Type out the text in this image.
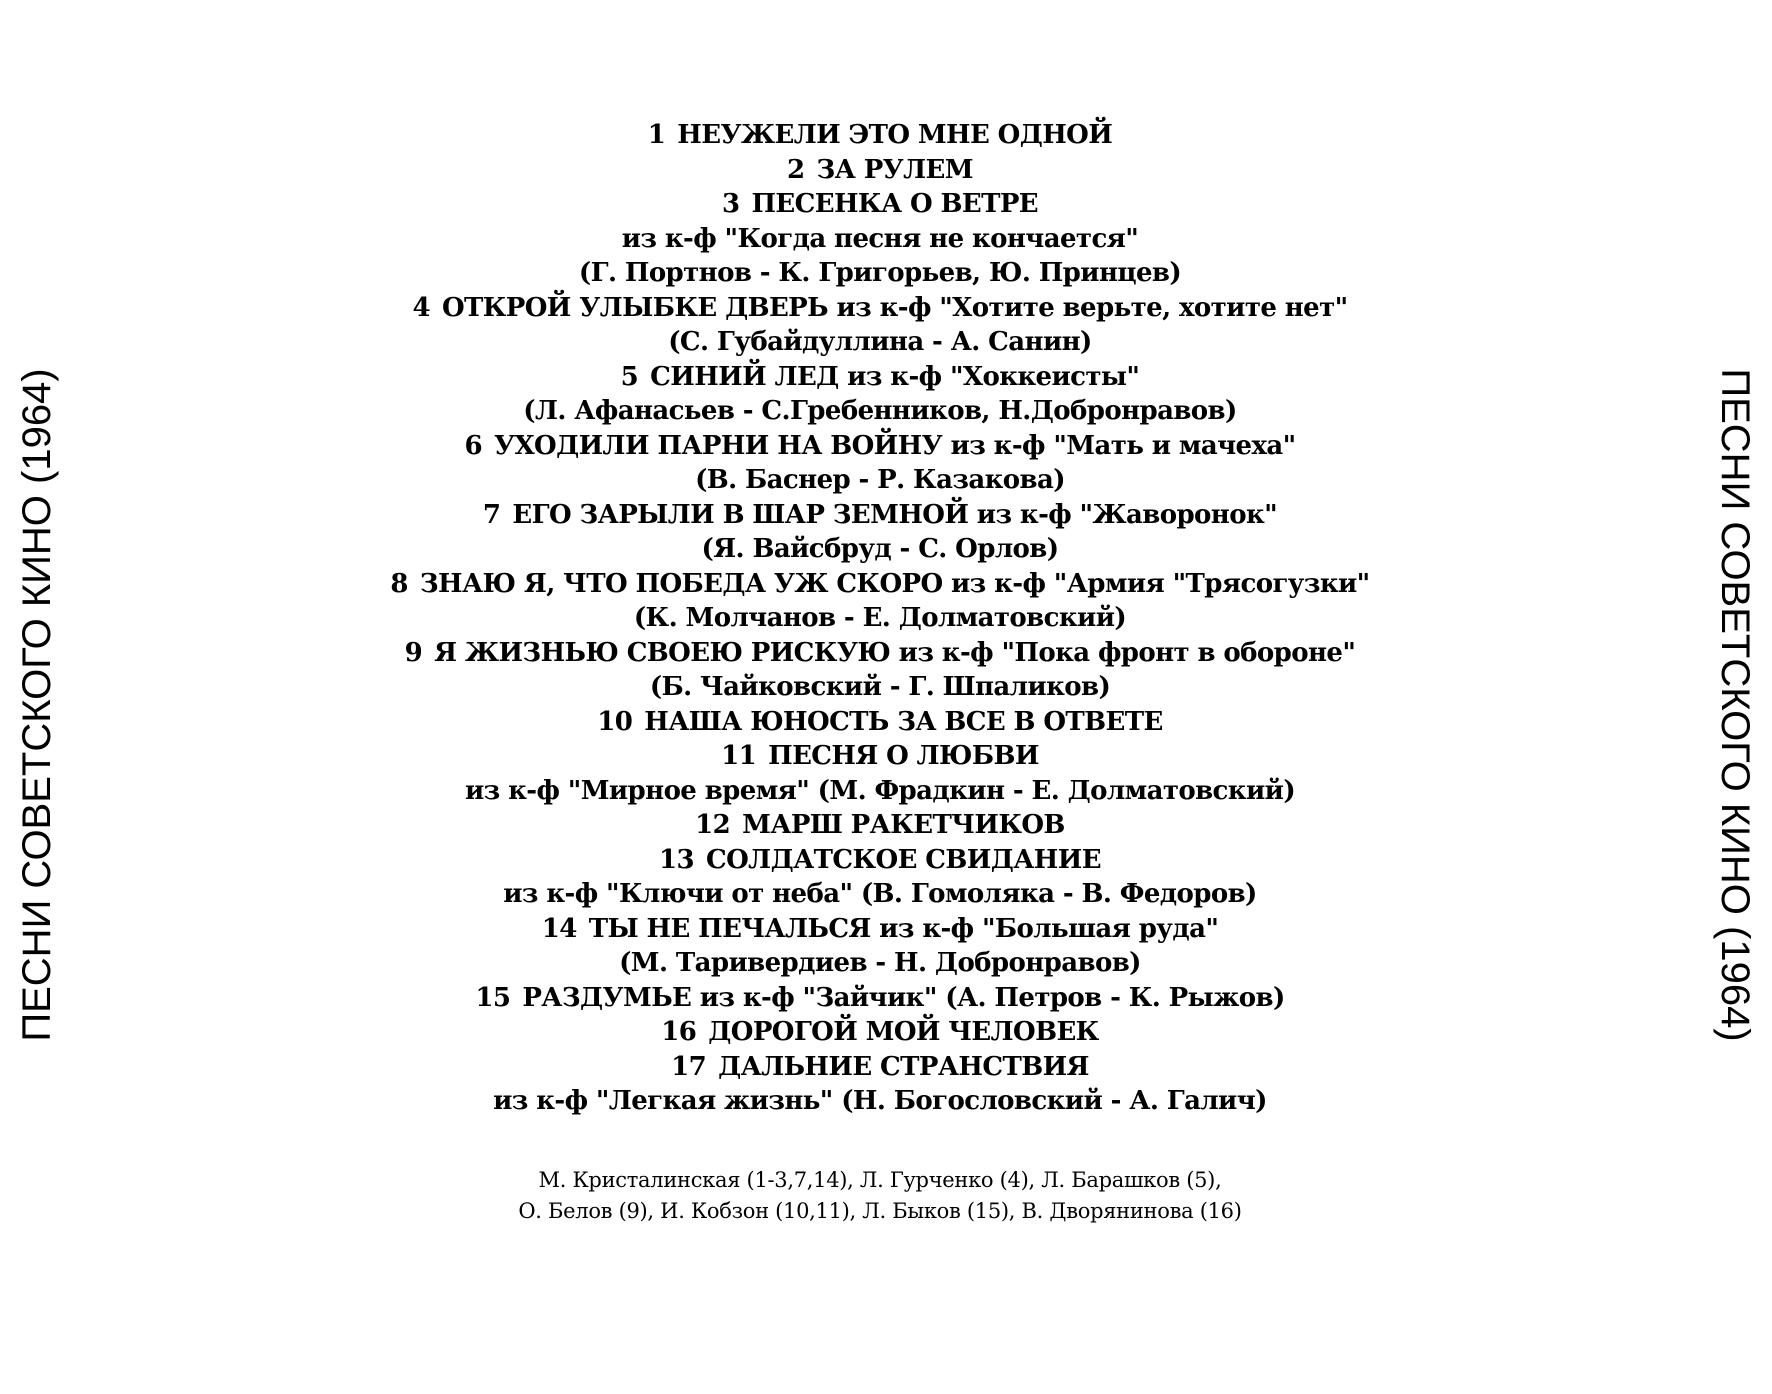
ПЕСНИ СОВЕТСКОГО КИНО (1964)	ПЕСНИ СОВЕТСКОГО КИНО (1964)
1 НЕУЖЕЛИ ЭТО МНЕ ОДНОЙ
2 ЗА РУЛЕМ
3 ПЕСЕНКА О ВЕТРЕ
из к-ф "Когда песня не кончается"
(Г. Портнов - К. Григорьев, Ю. Принцев)
4 ОТКРОЙ УЛЫБКЕ ДВЕРЬ из к-ф "Хотите верьте, хотите нет"
(С. Губайдуллина - А. Санин)
5 СИНИЙ ЛЕД из к-ф "Хоккеисты"
(Л. Афанасьев - С.Гребенников, Н.Добронравов)
6 УХОДИЛИ ПАРНИ НА ВОЙНУ из к-ф "Мать и мачеха"
(В. Баснер - Р. Казакова)
7 ЕГО ЗАРЫЛИ В ШАР ЗЕМНОЙ из к-ф "Жаворонок"
(Я. Вайсбруд - С. Орлов)
8 ЗНАЮ Я, ЧТО ПОБЕДА УЖ СКОРО из к-ф "Армия "Трясогузки"
(К. Молчанов - Е. Долматовский)
9 Я ЖИЗНЬЮ СВОЕЮ РИСКУЮ из к-ф "Пока фронт в обороне"
(Б. Чайковский - Г. Шпаликов)
10 НАША ЮНОСТЬ ЗА ВСЕ В ОТВЕТЕ
11 ПЕСНЯ О ЛЮБВИ
из к-ф "Мирное время" (М. Фрадкин - Е. Долматовский)
12 МАРШ РАКЕТЧИКОВ
13 СОЛДАТСКОЕ СВИДАНИЕ
из к-ф "Ключи от неба" (В. Гомоляка - В. Федоров)
14 ТЫ НЕ ПЕЧАЛЬСЯ из к-ф "Большая руда"
(М. Таривердиев - Н. Добронравов)
15 РАЗДУМЬЕ из к-ф "Зайчик" (А. Петров - К. Рыжов)
16 ДОРОГОЙ МОЙ ЧЕЛОВЕК
17 ДАЛЬНИЕ СТРАНСТВИЯ
из к-ф "Легкая жизнь" (Н. Богословский - А. Галич)
М. Кристалинская (1-3,7,14), Л. Гурченко (4), Л. Барашков (5),
О. Белов (9), И. Кобзон (10,11), Л. Быков (15), В. Дворянинова (16)
